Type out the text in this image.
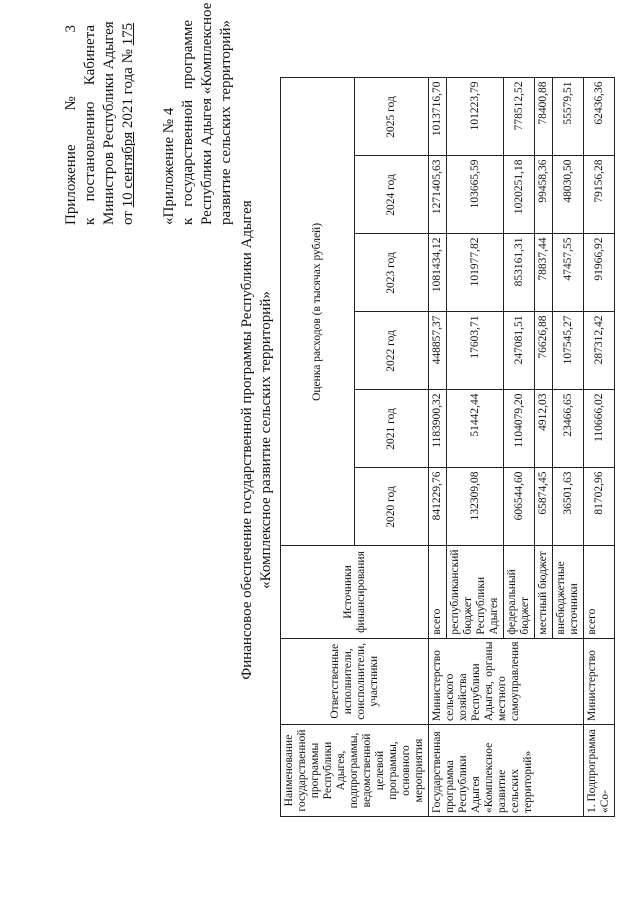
Приложение № 3 к постановлению Кабинета Министров Республики Адыгея от 10 сентября 2021 года № 175
«Приложение № 4 к государственной программе Республики Адыгея «Комплексное развитие сельских территорий»
Финансовое обеспечение государственной программы Республики Адыгея «Комплексное развитие сельских территорий»
Наименование государственной программы Республики Адыгея, подпрограммы, ведомственной целевой программы, основного мероприятия	Ответственные исполнители, соисполнители, участники	Источники финансирования	Оценка расходов (в тысячах рублей)					
			2020 год	2021 год	2022 год	2023 год	2024 год	2025 год
Государственная программа Республики Адыгея «Комплексное развитие сельских территорий»	Министерство сельского хозяйства Республики Адыгея, органы местного самоуправления	всего	841229,76	1183900,32	448857,37	1081434,12	1271405,63	1013716,70
		республиканский бюджет Республики Адыгея	132309,08	51442,44	17603,71	101977,82	103665,59	101223,79
		федеральный бюджет	606544,60	1104079,20	247081,51	853161,31	1020251,18	778512,52
		местный бюджет	65874,45	4912,03	76626,88	78837,44	99458,36	78400,88
		внебюджетные источники	36501,63	23466,65	107545,27	47457,55	48030,50	55579,51
1. Подпрограмма «Со-	Министерство	всего	81702,96	110666,02	287312,42	91966,92	79156,28	62436,36
